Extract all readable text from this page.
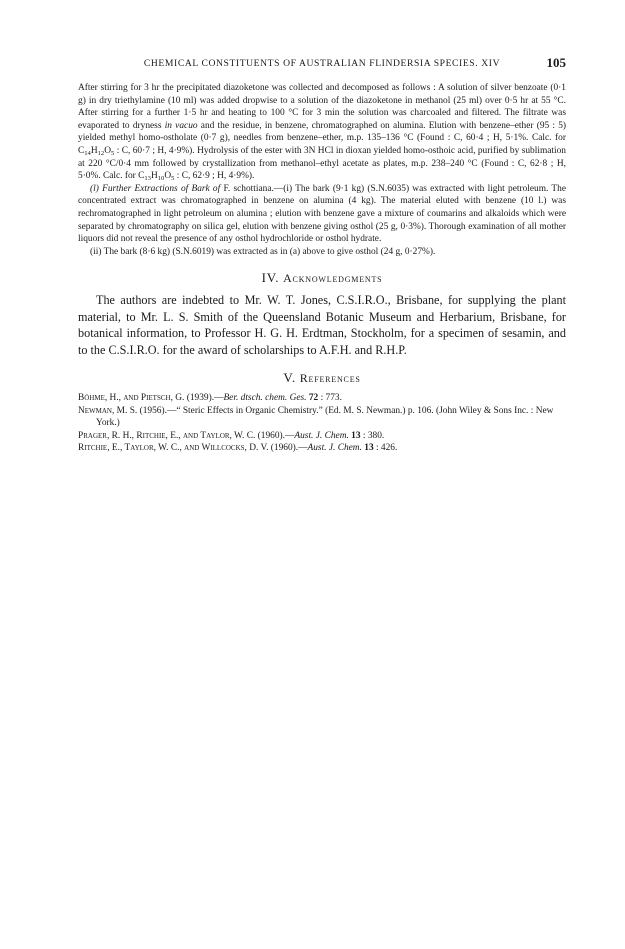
CHEMICAL CONSTITUENTS OF AUSTRALIAN FLINDERSIA SPECIES. XIV	105

After stirring for 3 hr the precipitated diazoketone was collected and decomposed as follows : A solution of silver benzoate (0·1 g) in dry triethylamine (10 ml) was added dropwise to a solution of the diazoketone in methanol (25 ml) over 0·5 hr at 55 °C. After stirring for a further 1·5 hr and heating to 100 °C for 3 min the solution was charcoaled and filtered. The filtrate was evaporated to dryness in vacuo and the residue, in benzene, chromatographed on alumina. Elution with benzene–ether (95 : 5) yielded methyl homo-ostholate (0·7 g), needles from benzene–ether, m.p. 135–136 °C (Found : C, 60·4 ; H, 5·1%. Calc. for $C_{14}H_{12}O_5$ : C, 60·7 ; H, 4·9%). Hydrolysis of the ester with 3N HCl in dioxan yielded homo-osthoic acid, purified by sublimation at 220 °C/0·4 mm followed by crystallization from methanol–ethyl acetate as plates, m.p. 238–240 °C (Found : C, 62·8 ; H, 5·0%. Calc. for $C_{13}H_{10}O_5$ : C, 62·9 ; H, 4·9%).

(l) Further Extractions of Bark of F. schottiana.—(i) The bark (9·1 kg) (S.N.6035) was extracted with light petroleum. The concentrated extract was chromatographed in benzene on alumina (4 kg). The material eluted with benzene (10 l.) was rechromatographed in light petroleum on alumina ; elution with benzene gave a mixture of coumarins and alkaloids which were separated by chromatography on silica gel, elution with benzene giving osthol (25 g, 0·3%). Thorough examination of all mother liquors did not reveal the presence of any osthol hydrochloride or osthol hydrate.

(ii) The bark (8·6 kg) (S.N.6019) was extracted as in (a) above to give osthol (24 g, 0·27%).

IV. Acknowledgments

The authors are indebted to Mr. W. T. Jones, C.S.I.R.O., Brisbane, for supplying the plant material, to Mr. L. S. Smith of the Queensland Botanic Museum and Herbarium, Brisbane, for botanical information, to Professor H. G. H. Erdtman, Stockholm, for a specimen of sesamin, and to the C.S.I.R.O. for the award of scholarships to A.F.H. and R.H.P.

V. References

Böhme, H., and Pietsch, G. (1939).—Ber. dtsch. chem. Ges. 72 : 773.

Newman, M. S. (1956).—“ Steric Effects in Organic Chemistry.” (Ed. M. S. Newman.) p. 106. (John Wiley & Sons Inc. : New York.)

Prager, R. H., Ritchie, E., and Taylor, W. C. (1960).—Aust. J. Chem. 13 : 380.

Ritchie, E., Taylor, W. C., and Willcocks, D. V. (1960).—Aust. J. Chem. 13 : 426.
